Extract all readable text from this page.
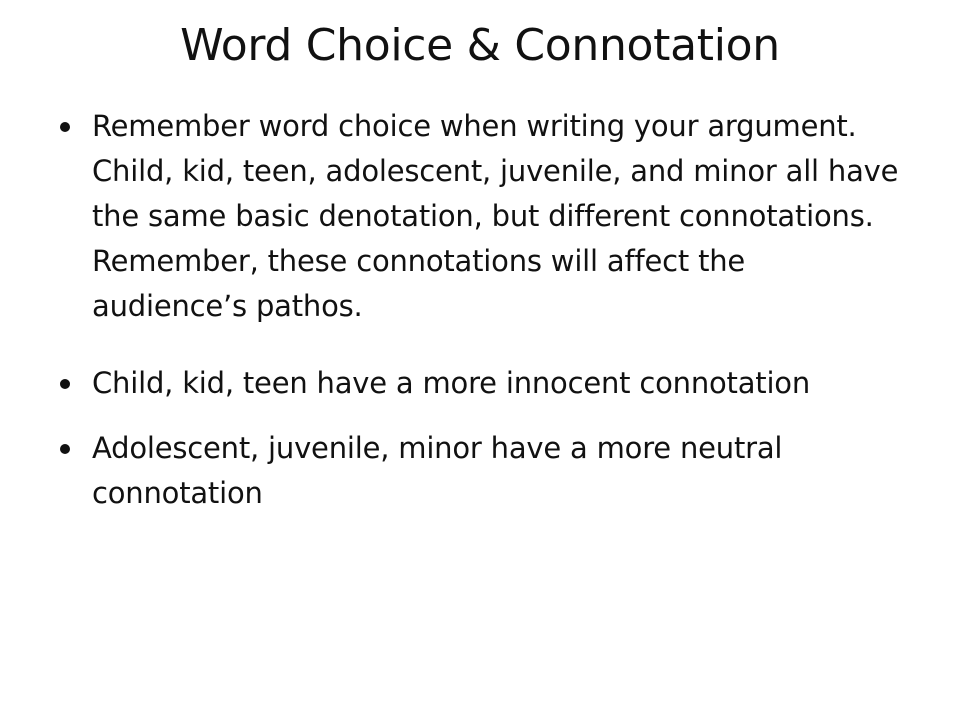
Word Choice & Connotation
Remember word choice when writing your argument. Child, kid, teen, adolescent, juvenile, and minor all have the same basic denotation, but different connotations. Remember, these connotations will affect the audience’s pathos.
Child, kid, teen have a more innocent connotation
Adolescent, juvenile, minor have a more neutral connotation
